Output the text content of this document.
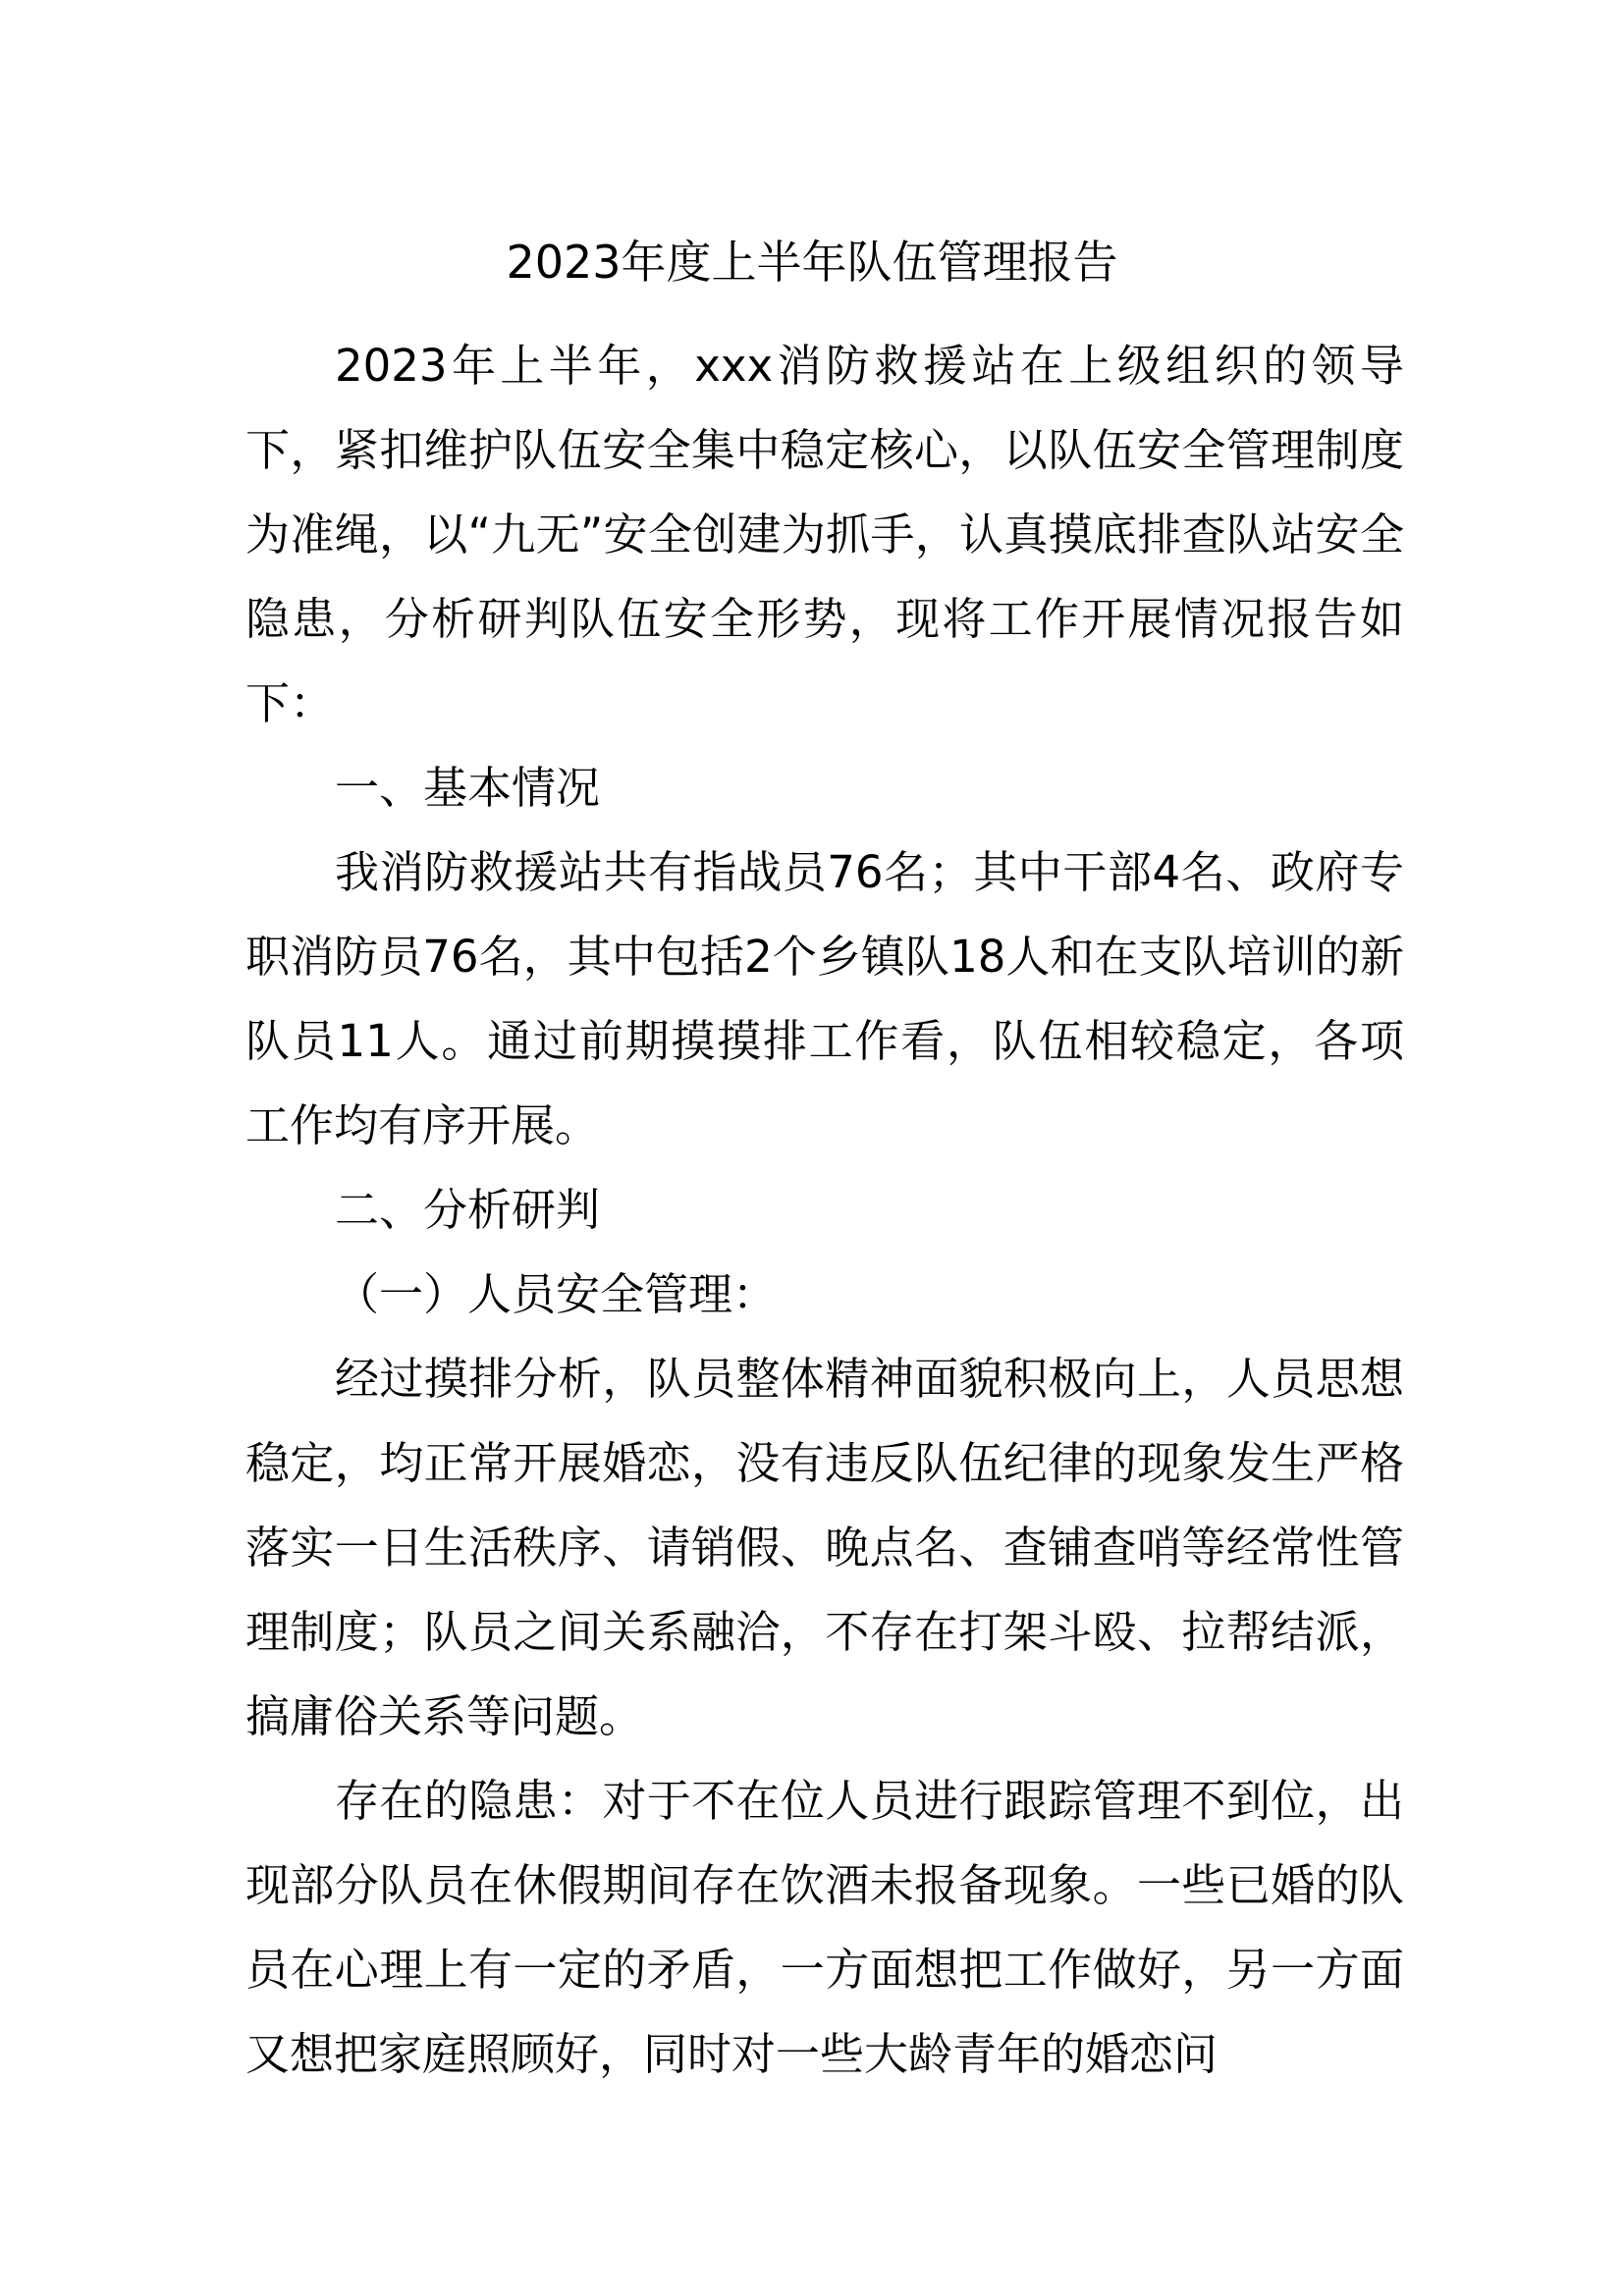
2023年度上半年队伍管理报告

2023年上半年，xxx消防救援站在上级组织的领导下，紧扣维护队伍安全集中稳定核心，以队伍安全管理制度为准绳，以“九无”安全创建为抓手，认真摸底排查队站安全隐患，分析研判队伍安全形势，现将工作开展情况报告如下：

一、基本情况

我消防救援站共有指战员76名；其中干部4名、政府专职消防员76名，其中包括2个乡镇队18人和在支队培训的新队员11人。通过前期摸摸排工作看，队伍相较稳定，各项工作均有序开展。

二、分析研判

（一）人员安全管理：

经过摸排分析，队员整体精神面貌积极向上，人员思想稳定，均正常开展婚恋，没有违反队伍纪律的现象发生严格落实一日生活秩序、请销假、晚点名、查铺查哨等经常性管理制度；队员之间关系融洽，不存在打架斗殴、拉帮结派，搞庸俗关系等问题。

存在的隐患：对于不在位人员进行跟踪管理不到位，出现部分队员在休假期间存在饮酒未报备现象。一些已婚的队员在心理上有一定的矛盾，一方面想把工作做好，另一方面又想把家庭照顾好，同时对一些大龄青年的婚恋问
